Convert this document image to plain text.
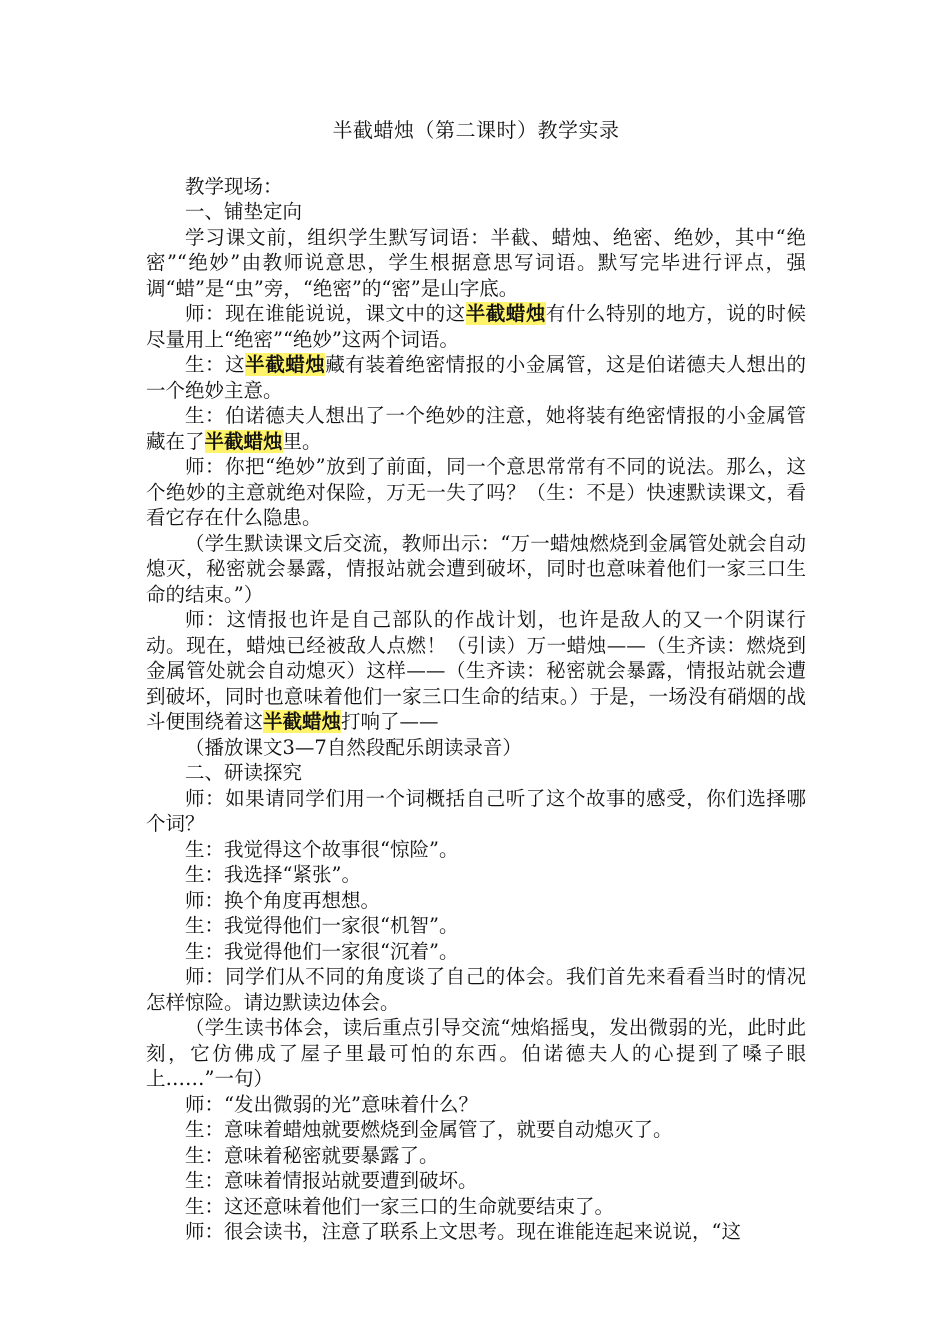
半截蜡烛（第二课时）教学实录

教学现场：

一、铺垫定向

学习课文前，组织学生默写词语：半截、蜡烛、绝密、绝妙，其中“绝密”“绝妙”由教师说意思，学生根据意思写词语。默写完毕进行评点，强调“蜡”是“虫”旁，“绝密”的“密”是山字底。

师：现在谁能说说，课文中的这半截蜡烛有什么特别的地方，说的时候尽量用上“绝密”“绝妙”这两个词语。

生：这半截蜡烛藏有装着绝密情报的小金属管，这是伯诺德夫人想出的一个绝妙主意。

生：伯诺德夫人想出了一个绝妙的注意，她将装有绝密情报的小金属管藏在了半截蜡烛里。

师：你把“绝妙”放到了前面，同一个意思常常有不同的说法。那么，这个绝妙的主意就绝对保险，万无一失了吗？（生：不是）快速默读课文，看看它存在什么隐患。

（学生默读课文后交流，教师出示：“万一蜡烛燃烧到金属管处就会自动熄灭，秘密就会暴露，情报站就会遭到破坏，同时也意味着他们一家三口生命的结束。”）

师：这情报也许是自己部队的作战计划，也许是敌人的又一个阴谋行动。现在，蜡烛已经被敌人点燃！（引读）万一蜡烛——（生齐读：燃烧到金属管处就会自动熄灭）这样——（生齐读：秘密就会暴露，情报站就会遭到破坏，同时也意味着他们一家三口生命的结束。）于是，一场没有硝烟的战斗便围绕着这半截蜡烛打响了——

（播放课文3—7自然段配乐朗读录音）

二、研读探究

师：如果请同学们用一个词概括自己听了这个故事的感受，你们选择哪个词？

生：我觉得这个故事很“惊险”。

生：我选择“紧张”。

师：换个角度再想想。

生：我觉得他们一家很“机智”。

生：我觉得他们一家很“沉着”。

师：同学们从不同的角度谈了自己的体会。我们首先来看看当时的情况怎样惊险。请边默读边体会。

（学生读书体会，读后重点引导交流“烛焰摇曳，发出微弱的光，此时此刻，它仿佛成了屋子里最可怕的东西。伯诺德夫人的心提到了嗓子眼上……”一句）

师：“发出微弱的光”意味着什么？

生：意味着蜡烛就要燃烧到金属管了，就要自动熄灭了。

生：意味着秘密就要暴露了。

生：意味着情报站就要遭到破坏。

生：这还意味着他们一家三口的生命就要结束了。

师：很会读书，注意了联系上文思考。现在谁能连起来说说，“这
